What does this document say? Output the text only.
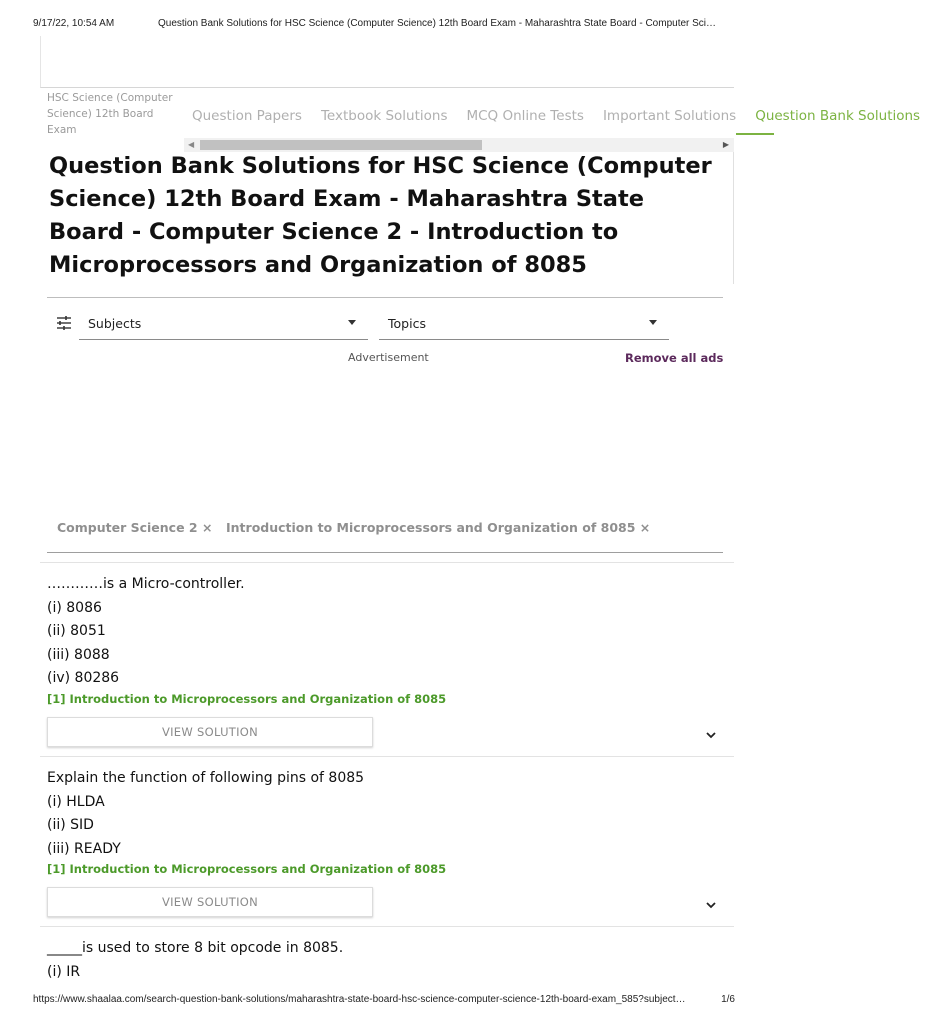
9/17/22, 10:54 AM	Question Bank Solutions for HSC Science (Computer Science) 12th Board Exam - Maharashtra State Board - Computer Sci…
HSC Science (Computer Science) 12th Board Exam
Question Papers Textbook Solutions MCQ Online Tests Important Solutions Question Bank Solutions
◀	▶
Question Bank Solutions for HSC Science (Computer Science) 12th Board Exam - Maharashtra State Board - Computer Science 2 - Introduction to Microprocessors and Organization of 8085
Subjects	Topics
Advertisement	Remove all ads
Computer Science 2 × Introduction to Microprocessors and Organization of 8085 ×
…………is a Micro-controller.
(i) 8086
(ii) 8051
(iii) 8088
(iv) 80286
[1] Introduction to Microprocessors and Organization of 8085
VIEW SOLUTION
Explain the function of following pins of 8085
(i) HLDA
(ii) SID
(iii) READY
[1] Introduction to Microprocessors and Organization of 8085
VIEW SOLUTION
_____is used to store 8 bit opcode in 8085.
(i) IR
https://www.shaalaa.com/search-question-bank-solutions/maharashtra-state-board-hsc-science-computer-science-12th-board-exam_585?subject…	1/6
